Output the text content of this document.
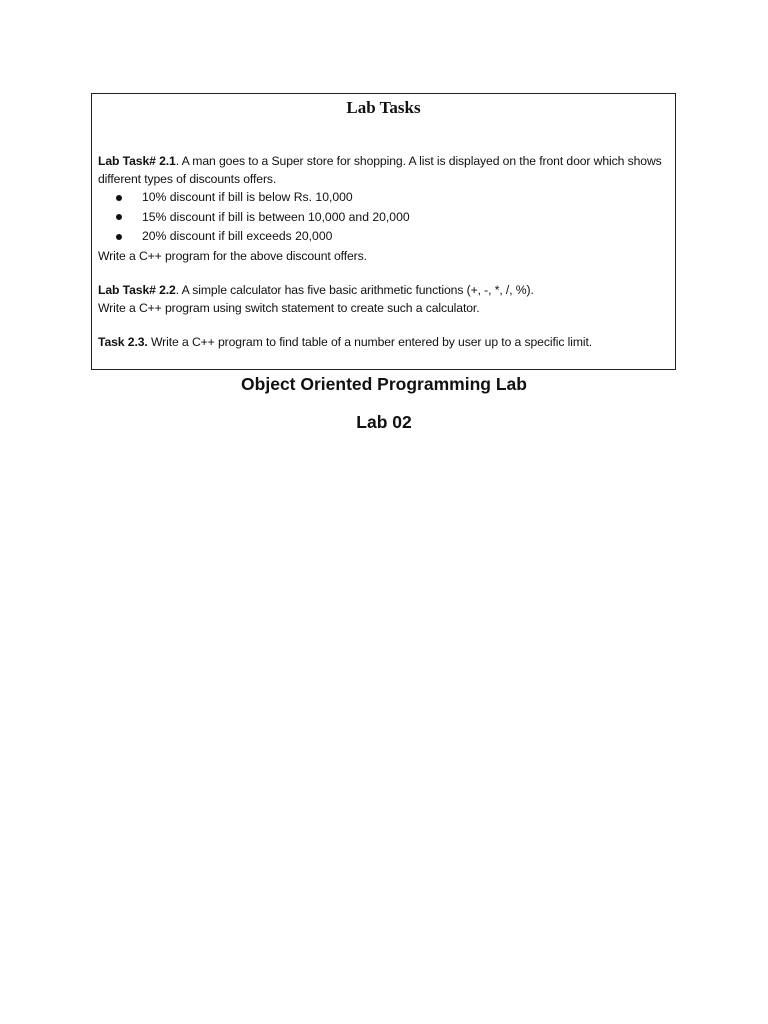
Lab Tasks

Lab Task# 2.1. A man goes to a Super store for shopping. A list is displayed on the front door which shows different types of discounts offers.

10% discount if bill is below Rs. 10,000
15% discount if bill is between 10,000 and 20,000
20% discount if bill exceeds 20,000

Write a C++ program for the above discount offers.

Lab Task# 2.2. A simple calculator has five basic arithmetic functions (+, -, *, /, %).

Write a C++ program using switch statement to create such a calculator.

Task 2.3. Write a C++ program to find table of a number entered by user up to a specific limit.

Object Oriented Programming Lab
Lab 02
